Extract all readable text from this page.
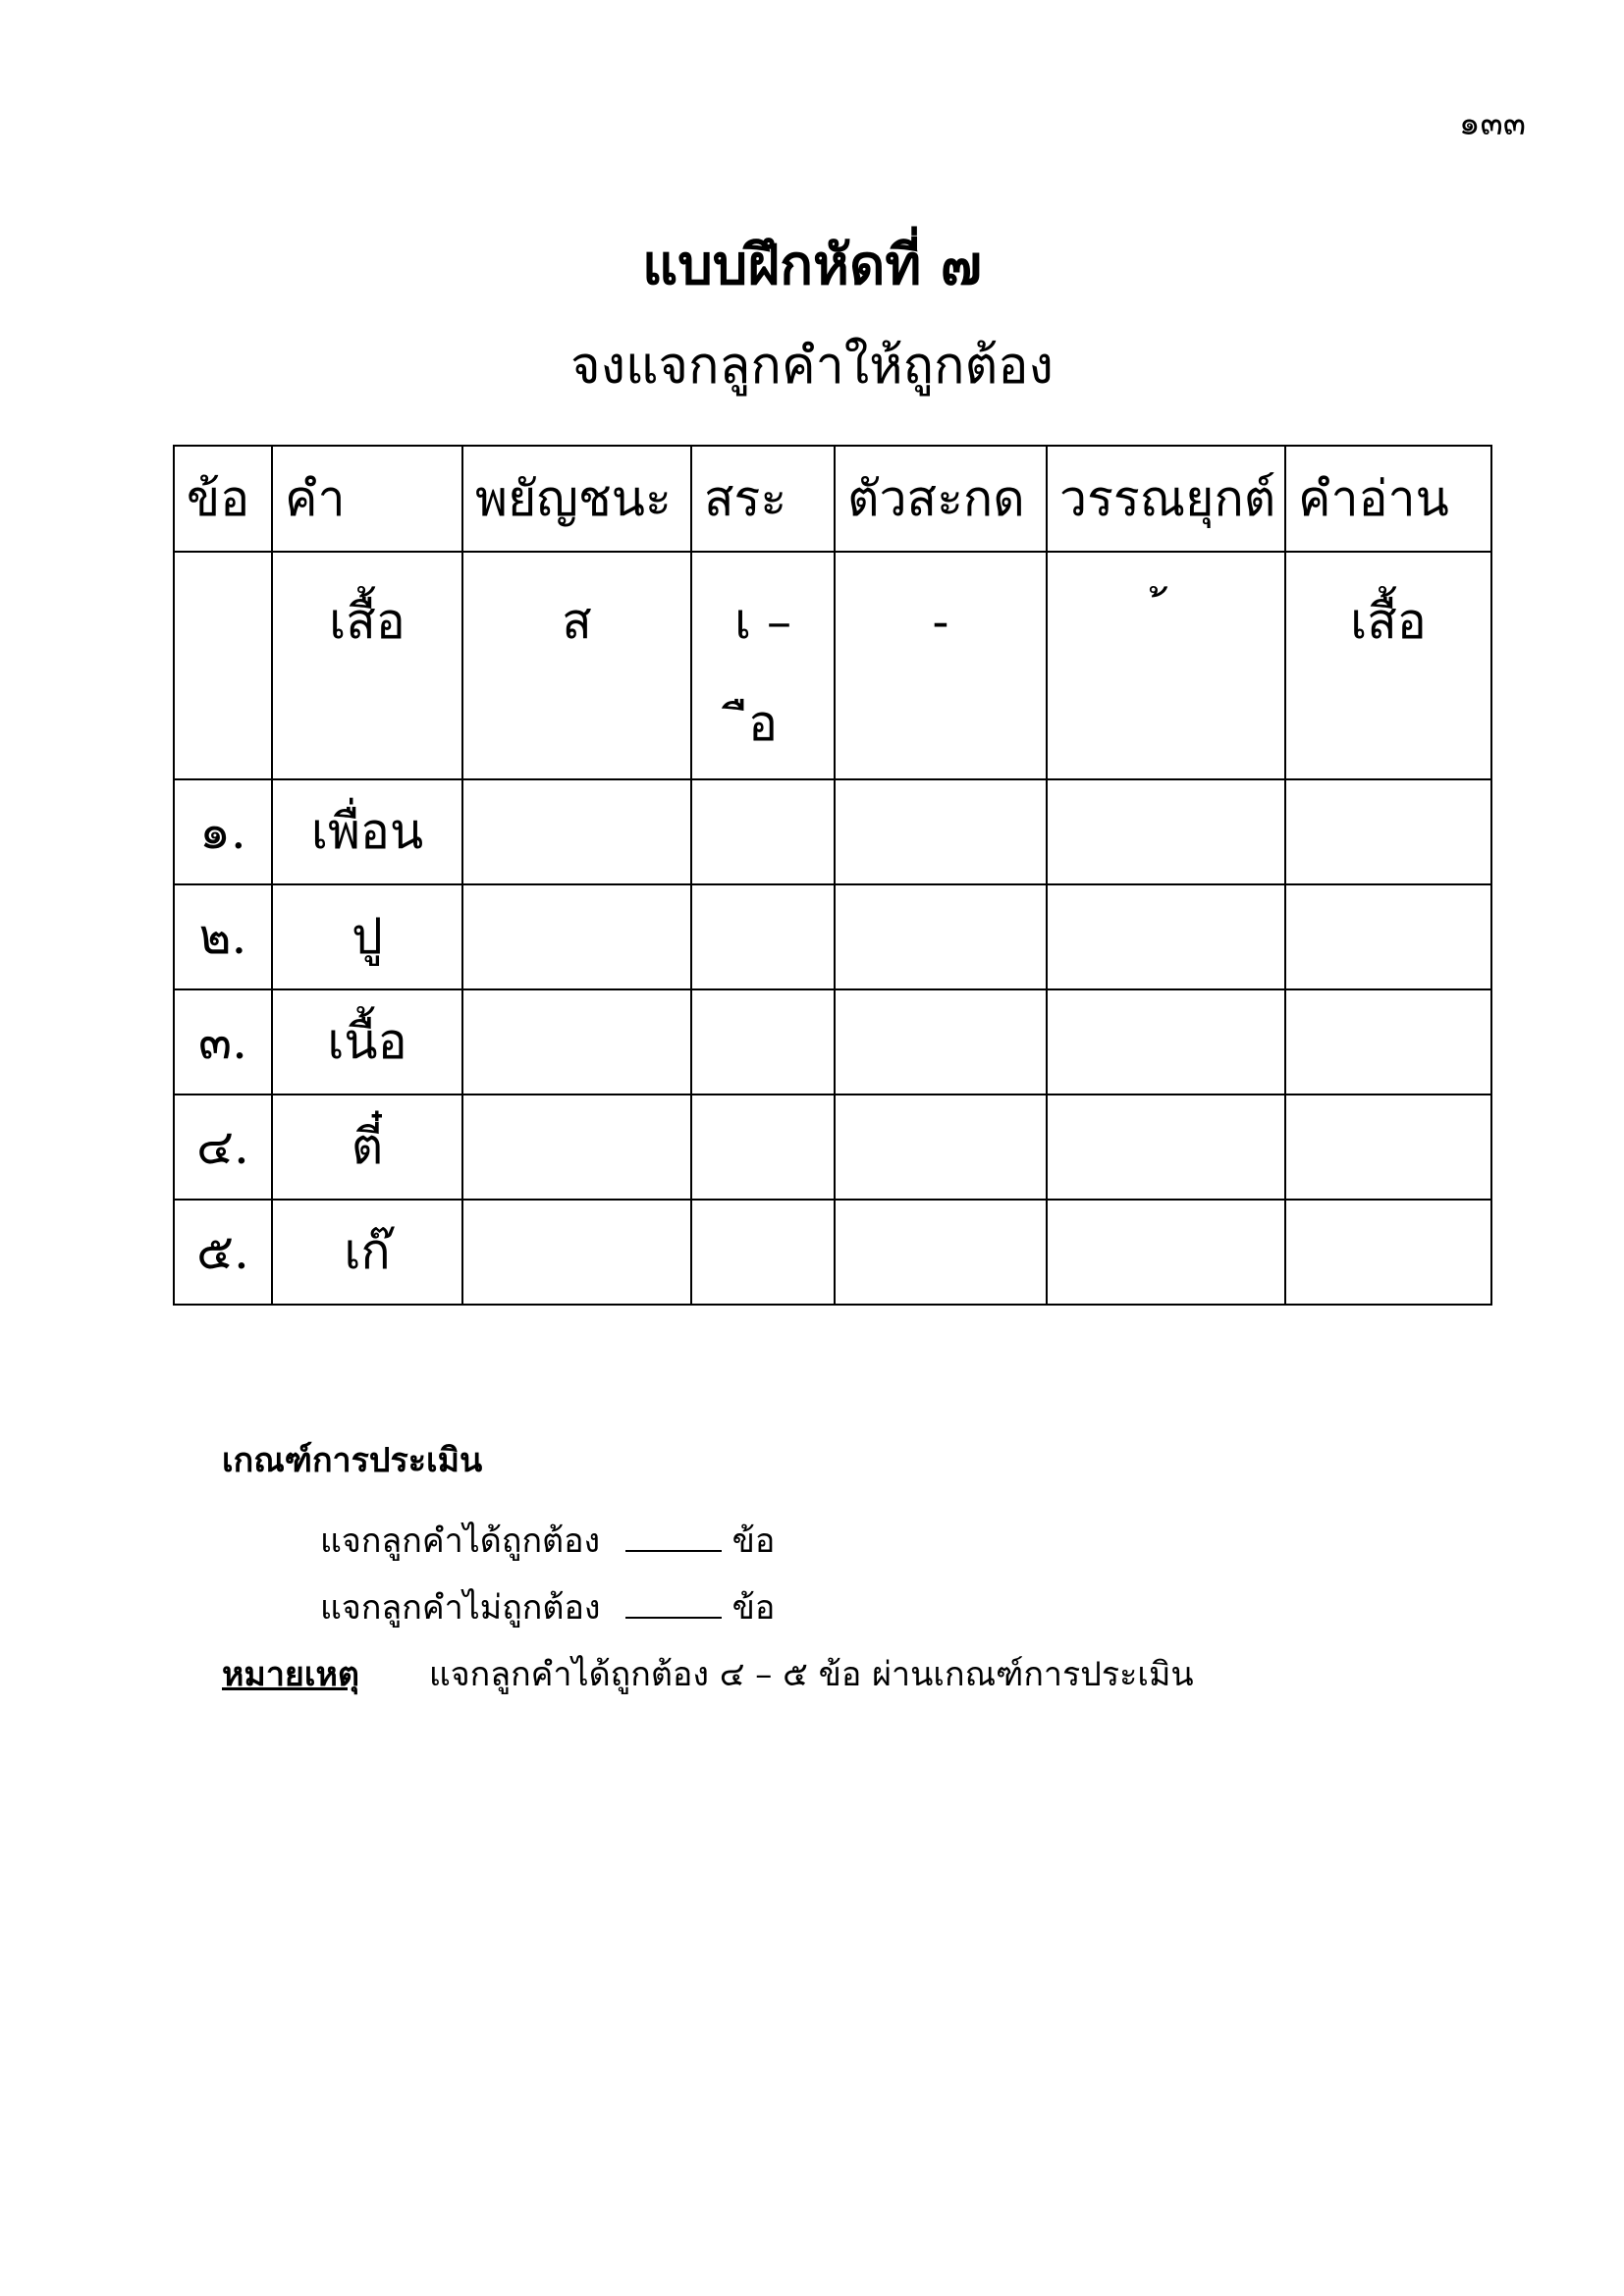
๑๓๓
แบบฝึกหัดที่ ๗
จงแจกลูกคำให้ถูกต้อง
ข้อ	คำ	พยัญชนะ	สระ	ตัวสะกด	วรรณยุกต์	คำอ่าน
	เสื้อ	ส	เ –
ือ	-		เสื้อ
๑.	เพื่อน					
๒.	ปู					
๓.	เนื้อ					
๔.	ตี๋					
๕.	เก๊					
เกณฑ์การประเมิน
แจกลูกคำได้ถูกต้อง	ข้อ
แจกลูกคำไม่ถูกต้อง	ข้อ
หมายเหตุ แจกลูกคำได้ถูกต้อง ๔ – ๕ ข้อ ผ่านเกณฑ์การประเมิน
